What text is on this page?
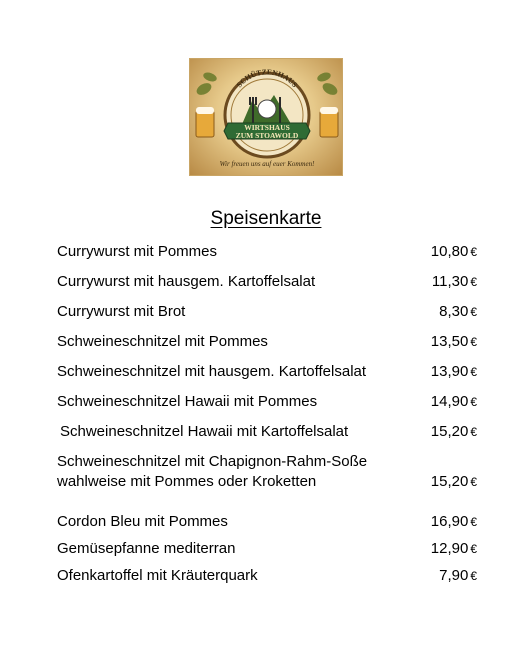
SCHÜTZENHAUS
WIRTSHAUS
ZUM STOAWOLD
Wir freuen uns auf euer Kommen!
Speisenkarte
Currywurst mit Pommes	10,80 €
Currywurst mit hausgem. Kartoffelsalat	11,30 €
Currywurst mit Brot	8,30 €
Schweineschnitzel mit Pommes	13,50 €
Schweineschnitzel mit hausgem. Kartoffelsalat	13,90 €
Schweineschnitzel Hawaii mit Pommes	14,90 €
Schweineschnitzel Hawaii mit Kartoffelsalat	15,20 €
Schweineschnitzel mit Chapignon-Rahm-Soße
wahlweise mit Pommes oder Kroketten	15,20 €
Cordon Bleu mit Pommes	16,90 €
Gemüsepfanne mediterran	12,90 €
Ofenkartoffel mit Kräuterquark	7,90 €
